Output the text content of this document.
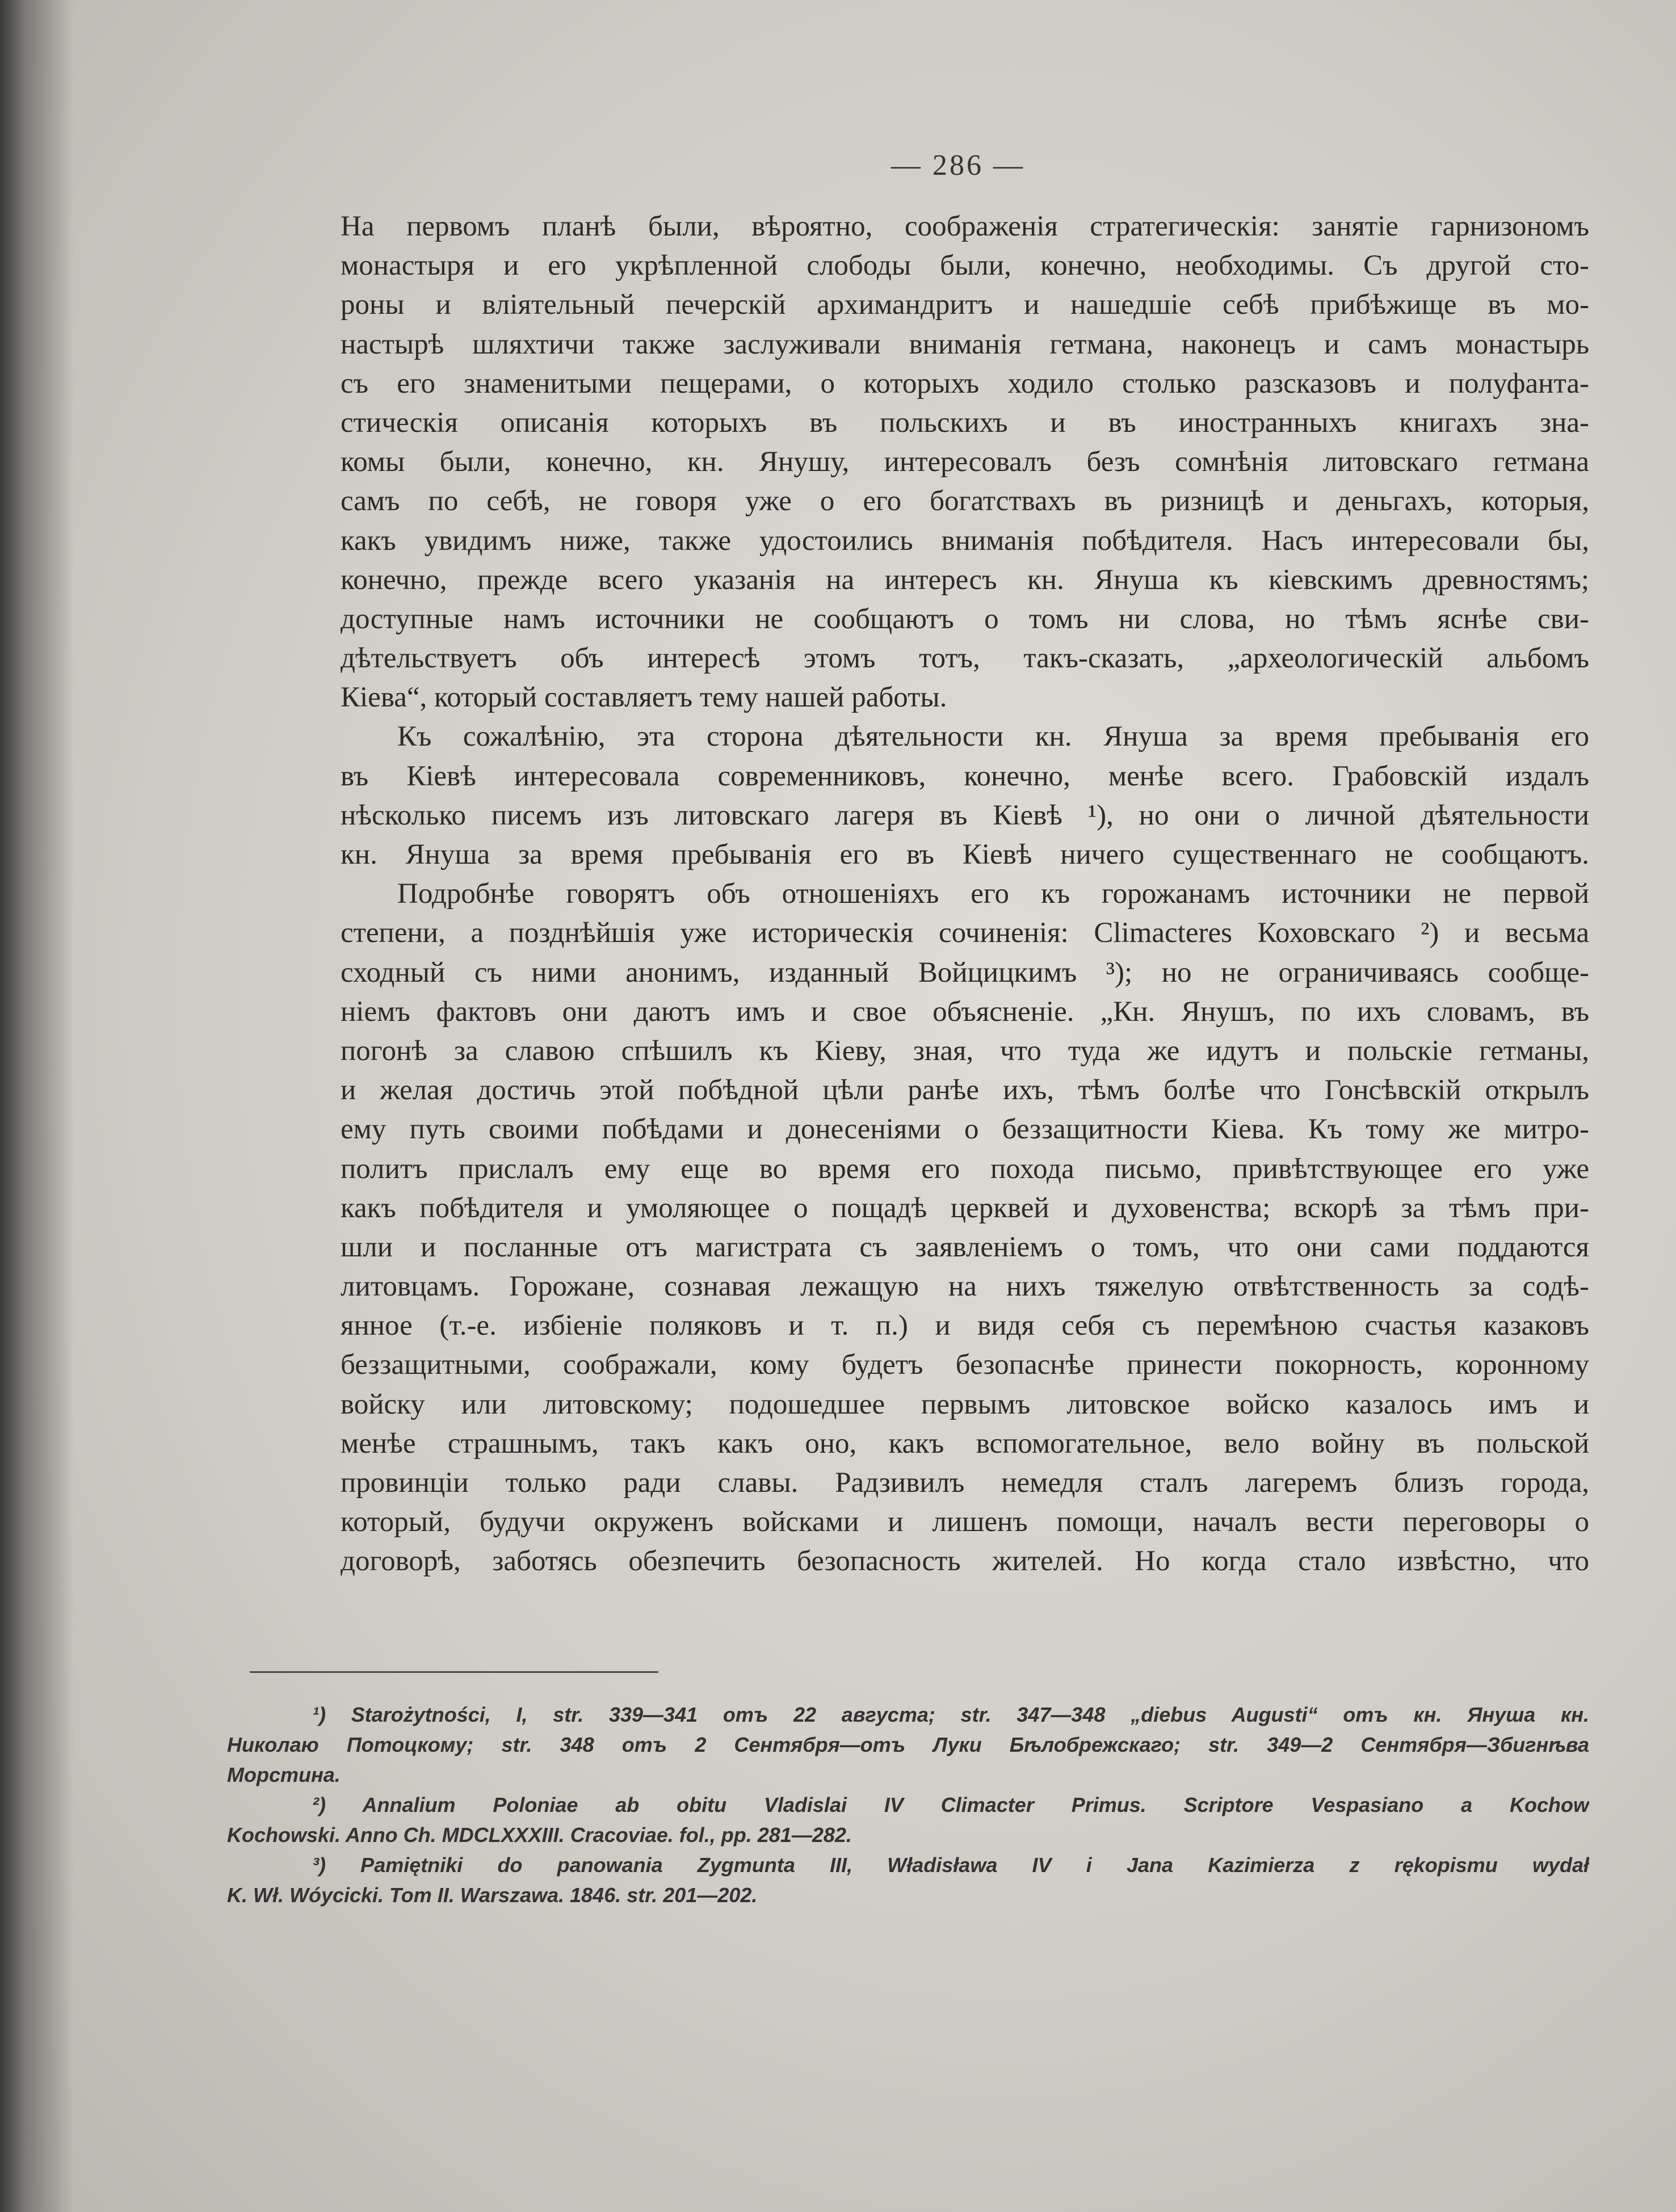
— 286 —
На первомъ планѣ были, вѣроятно, соображенія стратегическія: занятіе гарнизономъ
монастыря и его укрѣпленной слободы были, конечно, необходимы. Съ другой сто-
роны и вліятельный печерскій архимандритъ и нашедшіе себѣ прибѣжище въ мо-
настырѣ шляхтичи также заслуживали вниманія гетмана, наконецъ и самъ монастырь
съ его знаменитыми пещерами, о которыхъ ходило столько разсказовъ и полуфанта-
стическія описанія которыхъ въ польскихъ и въ иностранныхъ книгахъ зна-
комы были, конечно, кн. Янушу, интересовалъ безъ сомнѣнія литовскаго гетмана
самъ по себѣ, не говоря уже о его богатствахъ въ ризницѣ и деньгахъ, которыя,
какъ увидимъ ниже, также удостоились вниманія побѣдителя. Насъ интересовали бы,
конечно, прежде всего указанія на интересъ кн. Януша къ кіевскимъ древностямъ;
доступные намъ источники не сообщаютъ о томъ ни слова, но тѣмъ яснѣе сви-
дѣтельствуетъ объ интересѣ этомъ тотъ, такъ-сказать, „археологическій альбомъ
Кіева“, который составляетъ тему нашей работы.
Къ сожалѣнію, эта сторона дѣятельности кн. Януша за время пребыванія его
въ Кіевѣ интересовала современниковъ, конечно, менѣе всего. Грабовскій издалъ
нѣсколько писемъ изъ литовскаго лагеря въ Кіевѣ ¹), но они о личной дѣятельности
кн. Януша за время пребыванія его въ Кіевѣ ничего существеннаго не сообщаютъ.
Подробнѣе говорятъ объ отношеніяхъ его къ горожанамъ источники не первой
степени, а позднѣйшія уже историческія сочиненія: Climacteres Коховскаго ²) и весьма
сходный съ ними анонимъ, изданный Войцицкимъ ³); но не ограничиваясь сообще-
ніемъ фактовъ они даютъ имъ и свое объясненіе. „Кн. Янушъ, по ихъ словамъ, въ
погонѣ за славою спѣшилъ къ Кіеву, зная, что туда же идутъ и польскіе гетманы,
и желая достичь этой побѣдной цѣли ранѣе ихъ, тѣмъ болѣе что Гонсѣвскій открылъ
ему путь своими побѣдами и донесеніями о беззащитности Кіева. Къ тому же митро-
политъ прислалъ ему еще во время его похода письмо, привѣтствующее его уже
какъ побѣдителя и умоляющее о пощадѣ церквей и духовенства; вскорѣ за тѣмъ при-
шли и посланные отъ магистрата съ заявленіемъ о томъ, что они сами поддаются
литовцамъ. Горожане, сознавая лежащую на нихъ тяжелую отвѣтственность за содѣ-
янное (т.-е. избіеніе поляковъ и т. п.) и видя себя съ перемѣною счастья казаковъ
беззащитными, соображали, кому будетъ безопаснѣе принести покорность, коронному
войску или литовскому; подошедшее первымъ литовское войско казалось имъ и
менѣе страшнымъ, такъ какъ оно, какъ вспомогательное, вело войну въ польской
провинціи только ради славы. Радзивилъ немедля сталъ лагеремъ близъ города,
который, будучи окруженъ войсками и лишенъ помощи, началъ вести переговоры о
договорѣ, заботясь обезпечить безопасность жителей. Но когда стало извѣстно, что
¹) Starożytności, I, str. 339—341 отъ 22 августа; str. 347—348 „diebus Augusti“ отъ кн. Януша кн.
Николаю Потоцкому; str. 348 отъ 2 Сентября—отъ Луки Бѣлобрежскаго; str. 349—2 Сентября—Збигнѣва
Морстина.
²) Annalium Poloniae ab obitu Vladislai IV Climacter Primus. Scriptore Vespasiano a Kochow
Kochowski. Anno Ch. MDCLXXXIII. Cracoviae. fol., pp. 281—282.
³) Pamiętniki do panowania Zygmunta III, Władisława IV i Jana Kazimierza z rękopismu wydał
K. Wł. Wóycicki. Tom II. Warszawa. 1846. str. 201—202.
